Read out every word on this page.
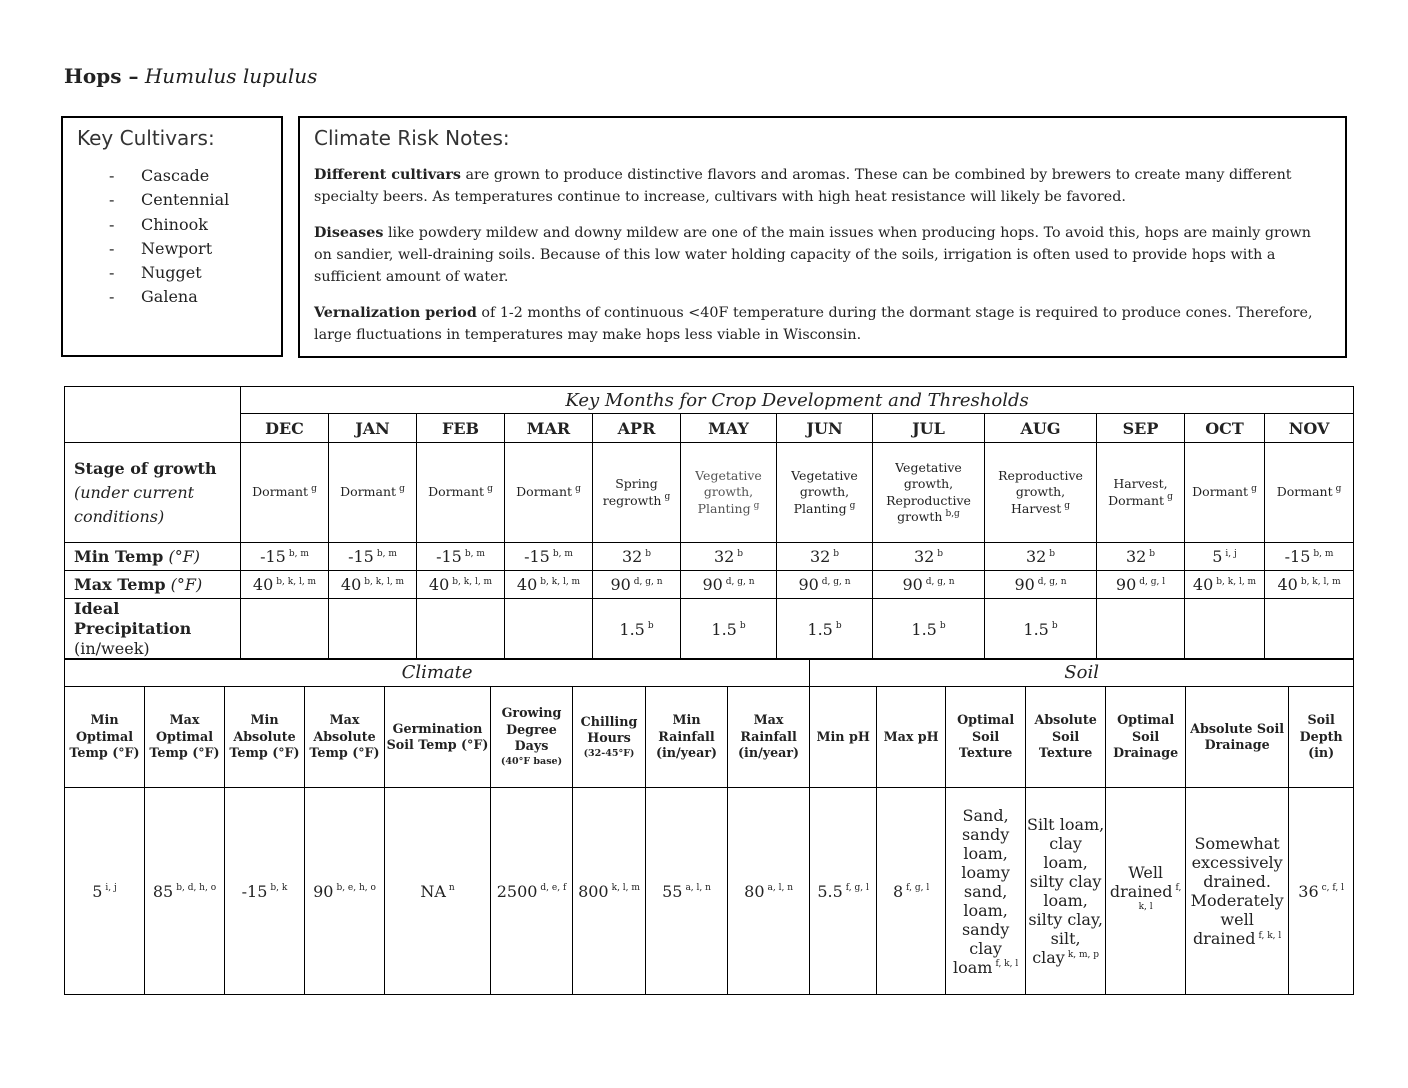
Hops – Humulus lupulus
Key Cultivars:
-	Cascade
-	Centennial
-	Chinook
-	Newport
-	Nugget
-	Galena
Climate Risk Notes:

Different cultivars are grown to produce distinctive flavors and aromas. These can be combined by brewers to create many different specialty beers. As temperatures continue to increase, cultivars with high heat resistance will likely be favored.

Diseases like powdery mildew and downy mildew are one of the main issues when producing hops. To avoid this, hops are mainly grown on sandier, well-draining soils. Because of this low water holding capacity of the soils, irrigation is often used to provide hops with a sufficient amount of water.

Vernalization period of 1-2 months of continuous <40F temperature during the dormant stage is required to produce cones. Therefore, large fluctuations in temperatures may make hops less viable in Wisconsin.

	Key Months for Crop Development and Thresholds											
	DEC	JAN	FEB	MAR	APR	MAY	JUN	JUL	AUG	SEP	OCT	NOV
Stage of growth
(under current conditions)	Dormant $^g$	Dormant $^g$	Dormant $^g$	Dormant $^g$	Spring regrowth $^g$	Vegetative growth, Planting $^g$	Vegetative growth, Planting $^g$	Vegetative growth, Reproductive growth $^{b,g}$	Reproductive growth, Harvest $^g$	Harvest, Dormant $^g$	Dormant $^g$	Dormant $^g$
Min Temp (°F)	-15 $^{b, m}$	-15 $^{b, m}$	-15 $^{b, m}$	-15 $^{b, m}$	32 $^b$	32 $^b$	32 $^b$	32 $^b$	32 $^b$	32 $^b$	5 $^{i, j}$	-15 $^{b, m}$
Max Temp (°F)	40 $^{b, k, l, m}$	40 $^{b, k, l, m}$	40 $^{b, k, l, m}$	40 $^{b, k, l, m}$	90 $^{d, g, n}$	90 $^{d, g, n}$	90 $^{d, g, n}$	90 $^{d, g, n}$	90 $^{d, g, n}$	90 $^{d, g, l}$	40 $^{b, k, l, m}$	40 $^{b, k, l, m}$
Ideal Precipitation
(in/week)					1.5 $^b$	1.5 $^b$	1.5 $^b$	1.5 $^b$	1.5 $^b$			
Climate									Soil						
Min Optimal Temp (°F)	Max Optimal Temp (°F)	Min Absolute Temp (°F)	Max Absolute Temp (°F)	Germination Soil Temp (°F)	Growing Degree Days
(40°F base)	Chilling Hours
(32-45°F)	Min Rainfall (in/year)	Max Rainfall (in/year)	Min pH	Max pH	Optimal Soil Texture	Absolute Soil Texture	Optimal Soil Drainage	Absolute Soil Drainage	Soil Depth (in)
5 $^{i, j}$	85 $^{b, d, h, o}$	-15 $^{b, k}$	90 $^{b, e, h, o}$	NA $^n$	2500 $^{d, e, f}$	800 $^{k, l, m}$	55 $^{a, l, n}$	80 $^{a, l, n}$	5.5 $^{f, g, l}$	8 $^{f, g, l}$	Sand, sandy loam, loamy sand, loam, sandy clay loam $^{f, k, l}$	Silt loam, clay loam, silty clay loam, silty clay, silt, clay $^{k, m, p}$	Well drained $^{f, k, l}$	Somewhat excessively drained. Moderately well drained $^{f, k, l}$	36 $^{c, f, l}$
